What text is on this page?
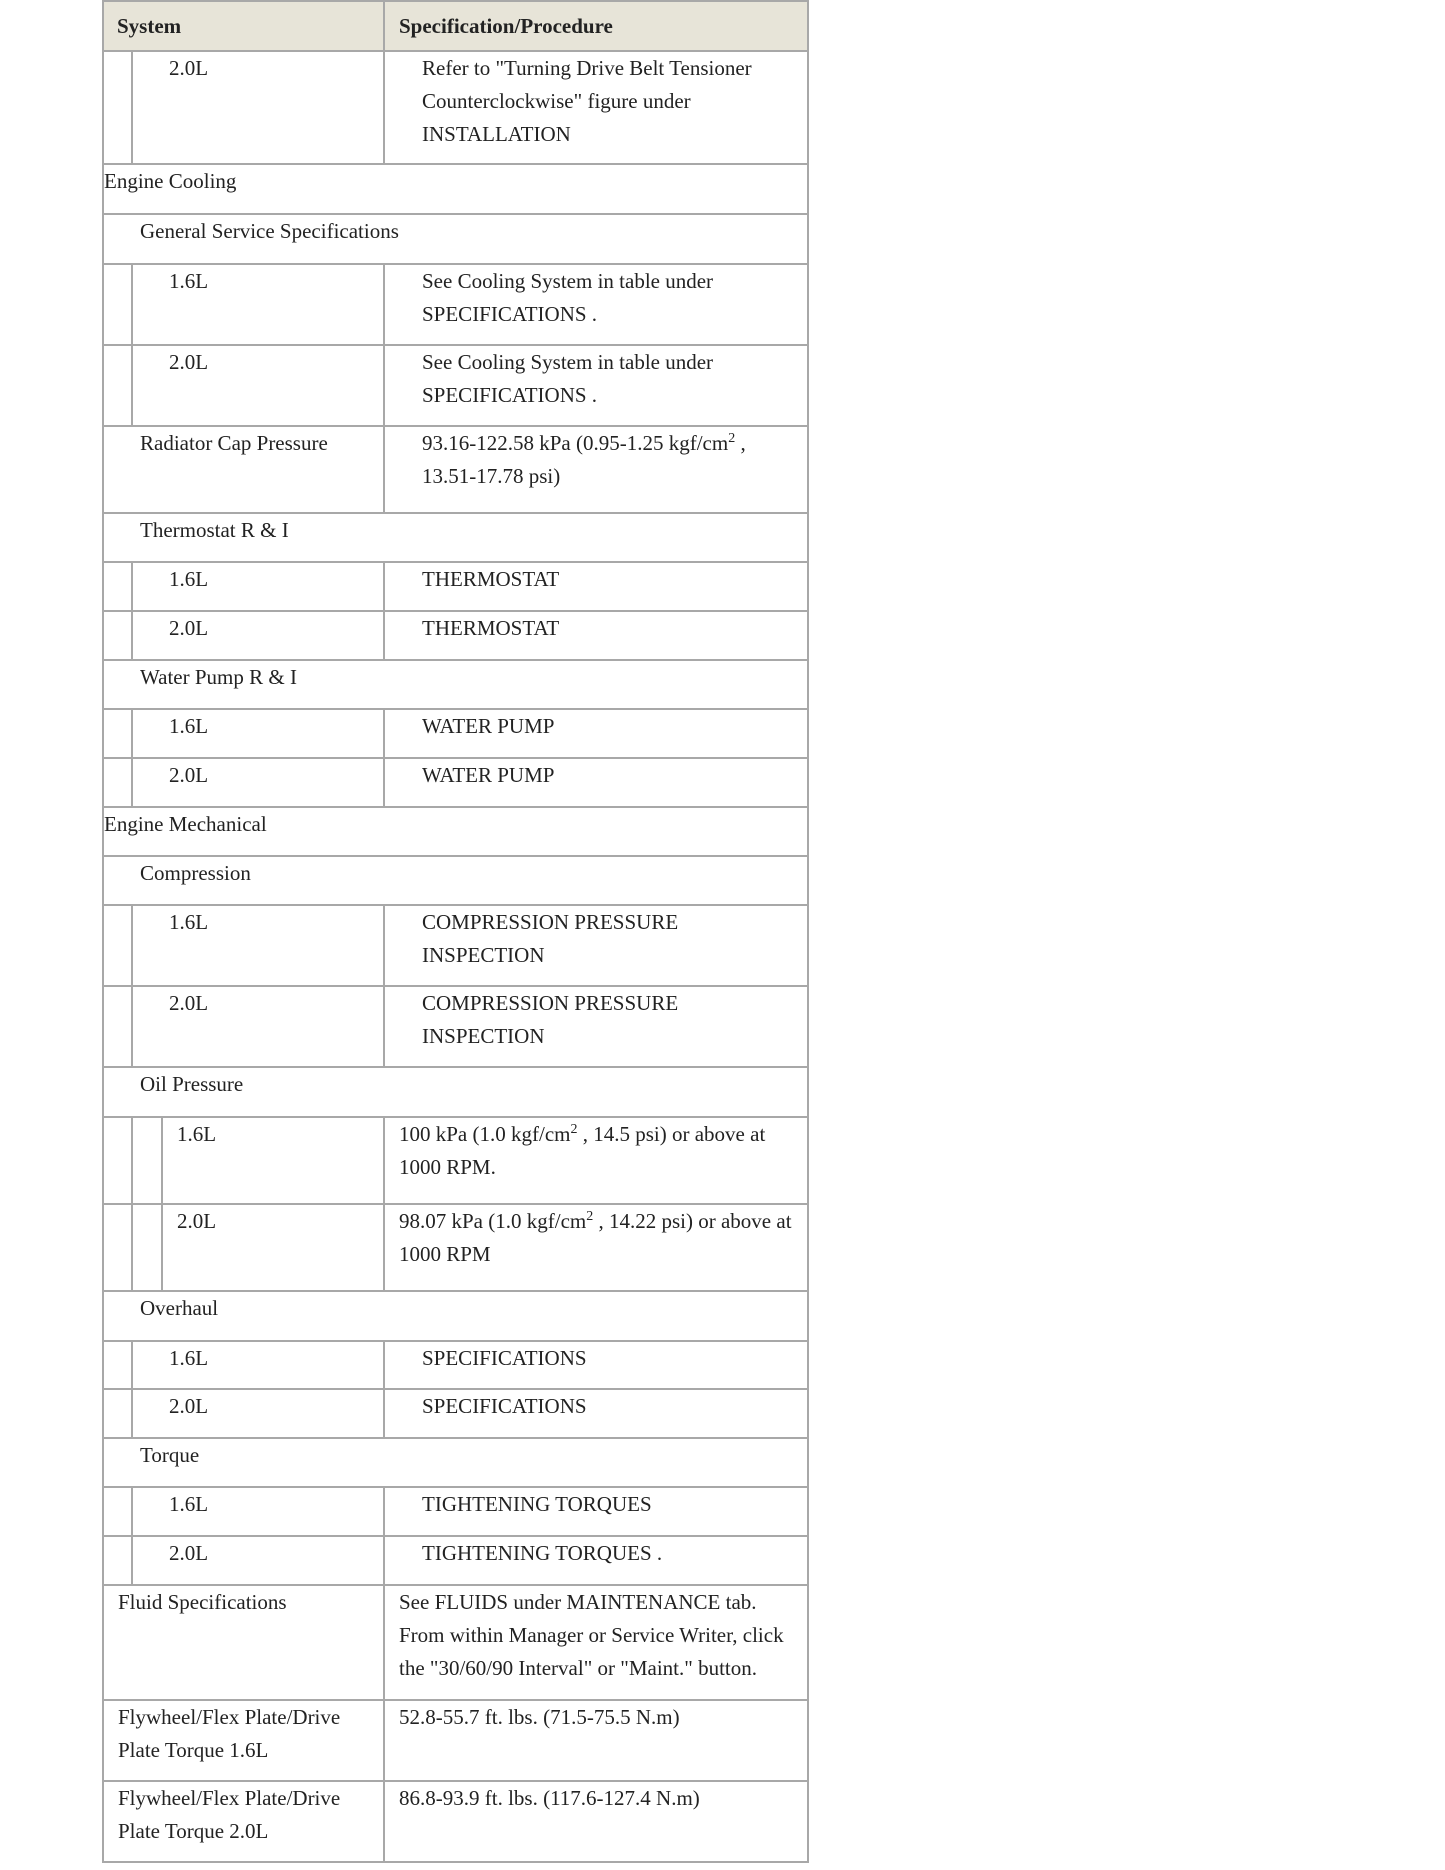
System			Specification/Procedure
	2.0L		Refer to "Turning Drive Belt Tensioner Counterclockwise" figure under INSTALLATION
Engine Cooling			
General Service Specifications			
	1.6L		See Cooling System in table under SPECIFICATIONS .
	2.0L		See Cooling System in table under SPECIFICATIONS .
Radiator Cap Pressure			93.16-122.58 kPa (0.95-1.25 kgf/$cm^2$ , 13.51-17.78 psi)
Thermostat R & I			
	1.6L		THERMOSTAT
	2.0L		THERMOSTAT
Water Pump R & I			
	1.6L		WATER PUMP
	2.0L		WATER PUMP
Engine Mechanical			
Compression			
	1.6L		COMPRESSION PRESSURE INSPECTION
	2.0L		COMPRESSION PRESSURE INSPECTION
Oil Pressure			
		1.6L	100 kPa (1.0 kgf/$cm^2$ , 14.5 psi) or above at 1000 RPM.
		2.0L	98.07 kPa (1.0 kgf/$cm^2$ , 14.22 psi) or above at 1000 RPM
Overhaul			
	1.6L		SPECIFICATIONS
	2.0L		SPECIFICATIONS
Torque			
	1.6L		TIGHTENING TORQUES
	2.0L		TIGHTENING TORQUES .
Fluid Specifications			See FLUIDS under MAINTENANCE tab. From within Manager or Service Writer, click the "30/60/90 Interval" or "Maint." button.
Flywheel/Flex Plate/Drive Plate Torque 1.6L			52.8-55.7 ft. lbs. (71.5-75.5 N.m)
Flywheel/Flex Plate/Drive Plate Torque 2.0L			86.8-93.9 ft. lbs. (117.6-127.4 N.m)
